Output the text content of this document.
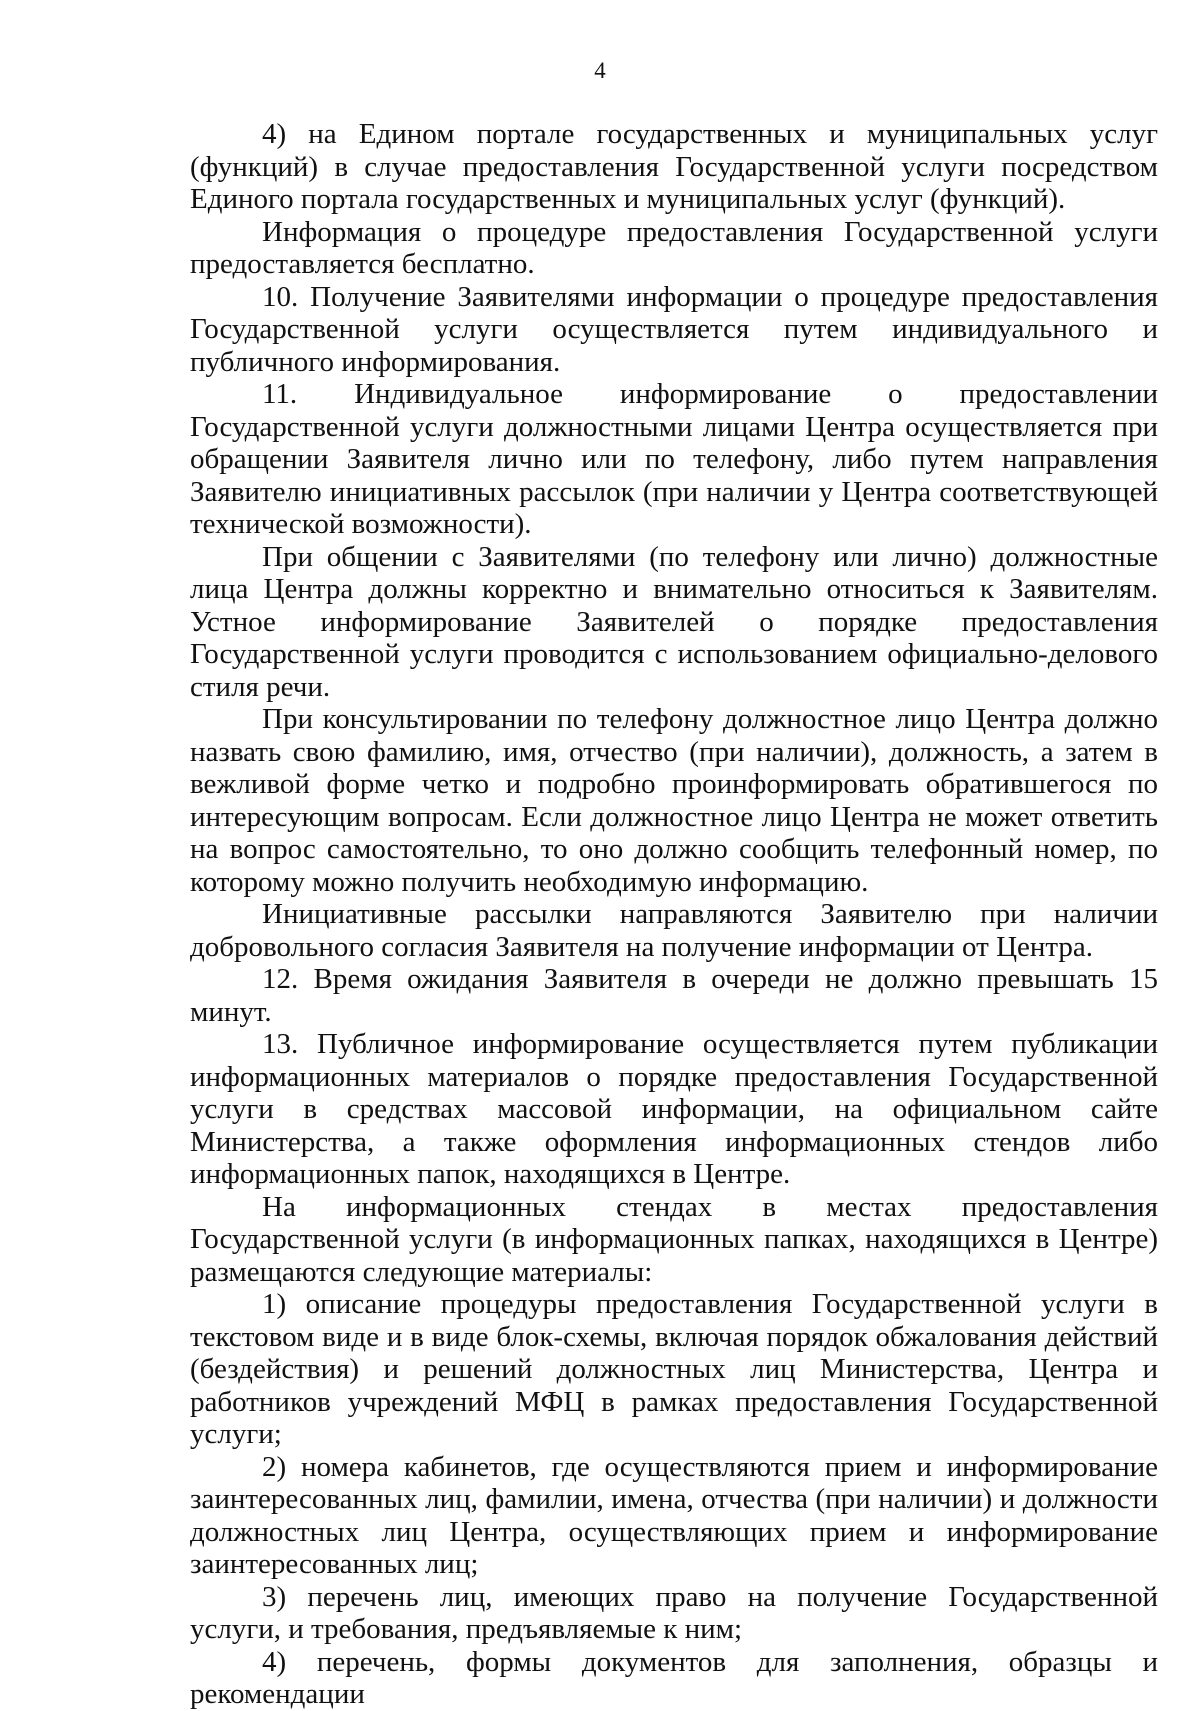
4

4) на Едином портале государственных и муниципальных услуг (функций) в случае предоставления Государственной услуги посредством Единого портала государственных и муниципальных услуг (функций).

Информация о процедуре предоставления Государственной услуги предоставляется бесплатно.

10. Получение Заявителями информации о процедуре предоставления Государственной услуги осуществляется путем индивидуального и публичного информирования.

11. Индивидуальное информирование о предоставлении Государственной услуги должностными лицами Центра осуществляется при обращении Заявителя лично или по телефону, либо путем направления Заявителю инициативных рассылок (при наличии у Центра соответствующей технической возможности).

При общении с Заявителями (по телефону или лично) должностные лица Центра должны корректно и внимательно относиться к Заявителям. Устное информирование Заявителей о порядке предоставления Государственной услуги проводится с использованием официально-делового стиля речи.

При консультировании по телефону должностное лицо Центра должно назвать свою фамилию, имя, отчество (при наличии), должность, а затем в вежливой форме четко и подробно проинформировать обратившегося по интересующим вопросам. Если должностное лицо Центра не может ответить на вопрос самостоятельно, то оно должно сообщить телефонный номер, по которому можно получить необходимую информацию.

Инициативные рассылки направляются Заявителю при наличии добровольного согласия Заявителя на получение информации от Центра.

12. Время ожидания Заявителя в очереди не должно превышать 15 минут.

13. Публичное информирование осуществляется путем публикации информационных материалов о порядке предоставления Государственной услуги в средствах массовой информации, на официальном сайте Министерства, а также оформления информационных стендов либо информационных папок, находящихся в Центре.

На информационных стендах в местах предоставления Государственной услуги (в информационных папках, находящихся в Центре) размещаются следующие материалы:

1) описание процедуры предоставления Государственной услуги в текстовом виде и в виде блок-схемы, включая порядок обжалования действий (бездействия) и решений должностных лиц Министерства, Центра и работников учреждений МФЦ в рамках предоставления Государственной услуги;

2) номера кабинетов, где осуществляются прием и информирование заинтересованных лиц, фамилии, имена, отчества (при наличии) и должности должностных лиц Центра, осуществляющих прием и информирование заинтересованных лиц;

3) перечень лиц, имеющих право на получение Государственной услуги, и требования, предъявляемые к ним;

4) перечень, формы документов для заполнения, образцы и рекомендации
